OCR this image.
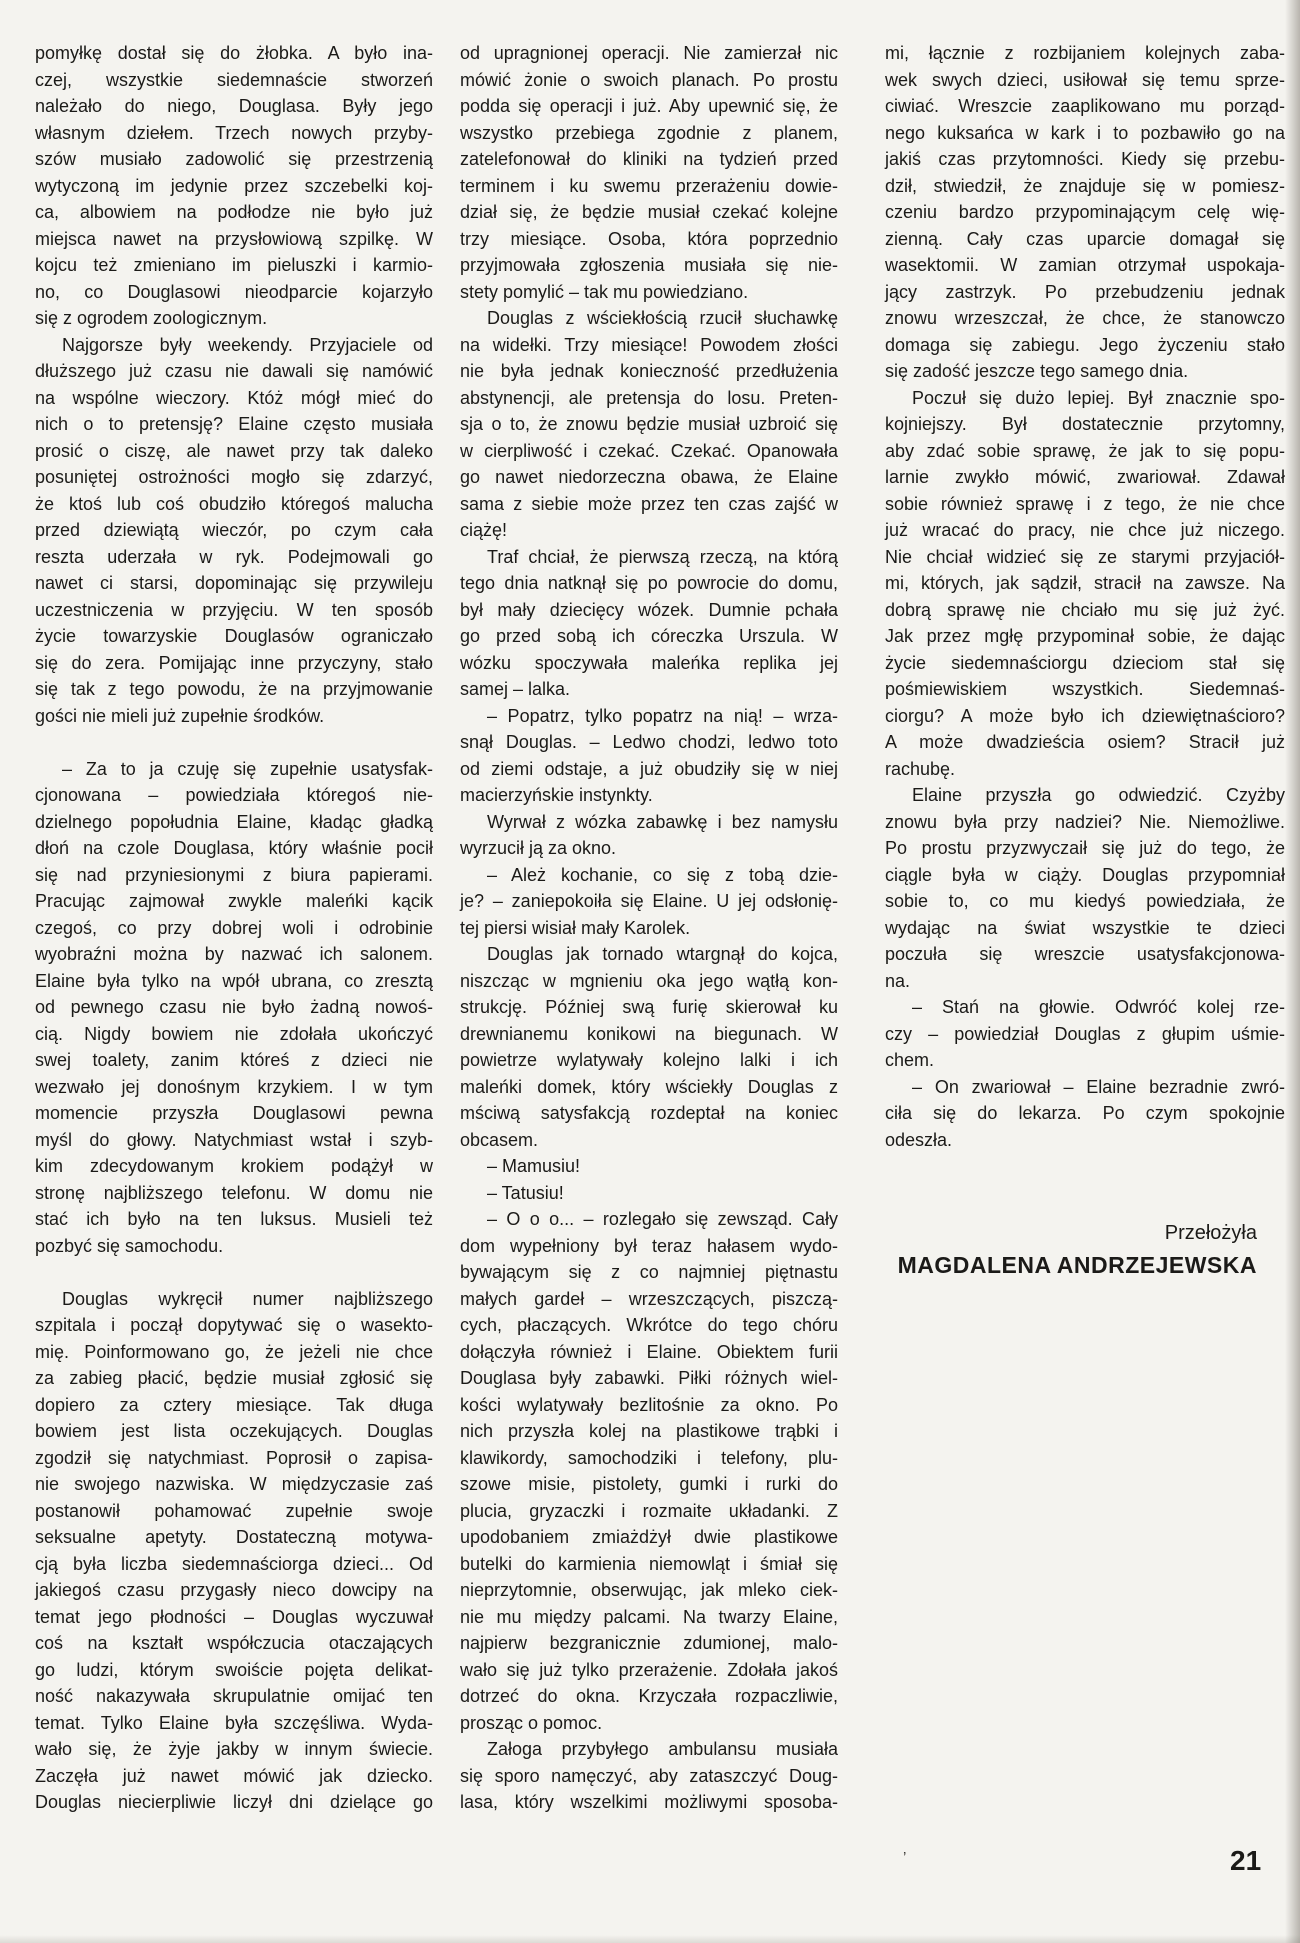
pomyłkę dostał się do żłobka. A było ina-
czej, wszystkie siedemnaście stworzeń
należało do niego, Douglasa. Były jego
własnym dziełem. Trzech nowych przyby-
szów musiało zadowolić się przestrzenią
wytyczoną im jedynie przez szczebelki koj-
ca, albowiem na podłodze nie było już
miejsca nawet na przysłowiową szpilkę. W
kojcu też zmieniano im pieluszki i karmio-
no, co Douglasowi nieodparcie kojarzyło
się z ogrodem zoologicznym.
Najgorsze były weekendy. Przyjaciele od
dłuższego już czasu nie dawali się namówić
na wspólne wieczory. Któż mógł mieć do
nich o to pretensję? Elaine często musiała
prosić o ciszę, ale nawet przy tak daleko
posuniętej ostrożności mogło się zdarzyć,
że ktoś lub coś obudziło któregoś malucha
przed dziewiątą wieczór, po czym cała
reszta uderzała w ryk. Podejmowali go
nawet ci starsi, dopominając się przywileju
uczestniczenia w przyjęciu. W ten sposób
życie towarzyskie Douglasów ograniczało
się do zera. Pomijając inne przyczyny, stało
się tak z tego powodu, że na przyjmowanie
gości nie mieli już zupełnie środków.
– Za to ja czuję się zupełnie usatysfak-
cjonowana – powiedziała któregoś nie-
dzielnego popołudnia Elaine, kładąc gładką
dłoń na czole Douglasa, który właśnie pocił
się nad przyniesionymi z biura papierami.
Pracując zajmował zwykle maleńki kącik
czegoś, co przy dobrej woli i odrobinie
wyobraźni można by nazwać ich salonem.
Elaine była tylko na wpół ubrana, co zresztą
od pewnego czasu nie było żadną nowoś-
cią. Nigdy bowiem nie zdołała ukończyć
swej toalety, zanim któreś z dzieci nie
wezwało jej donośnym krzykiem. I w tym
momencie przyszła Douglasowi pewna
myśl do głowy. Natychmiast wstał i szyb-
kim zdecydowanym krokiem podążył w
stronę najbliższego telefonu. W domu nie
stać ich było na ten luksus. Musieli też
pozbyć się samochodu.
Douglas wykręcił numer najbliższego
szpitala i począł dopytywać się o wasekto-
mię. Poinformowano go, że jeżeli nie chce
za zabieg płacić, będzie musiał zgłosić się
dopiero za cztery miesiące. Tak długa
bowiem jest lista oczekujących. Douglas
zgodził się natychmiast. Poprosił o zapisa-
nie swojego nazwiska. W międzyczasie zaś
postanowił pohamować zupełnie swoje
seksualne apetyty. Dostateczną motywa-
cją była liczba siedemnaściorga dzieci... Od
jakiegoś czasu przygasły nieco dowcipy na
temat jego płodności – Douglas wyczuwał
coś na kształt współczucia otaczających
go ludzi, którym swoiście pojęta delikat-
ność nakazywała skrupulatnie omijać ten
temat. Tylko Elaine była szczęśliwa. Wyda-
wało się, że żyje jakby w innym świecie.
Zaczęła już nawet mówić jak dziecko.
Douglas niecierpliwie liczył dni dzielące go
od upragnionej operacji. Nie zamierzał nic
mówić żonie o swoich planach. Po prostu
podda się operacji i już. Aby upewnić się, że
wszystko przebiega zgodnie z planem,
zatelefonował do kliniki na tydzień przed
terminem i ku swemu przerażeniu dowie-
dział się, że będzie musiał czekać kolejne
trzy miesiące. Osoba, która poprzednio
przyjmowała zgłoszenia musiała się nie-
stety pomylić – tak mu powiedziano.
Douglas z wściekłością rzucił słuchawkę
na widełki. Trzy miesiące! Powodem złości
nie była jednak konieczność przedłużenia
abstynencji, ale pretensja do losu. Preten-
sja o to, że znowu będzie musiał uzbroić się
w cierpliwość i czekać. Czekać. Opanowała
go nawet niedorzeczna obawa, że Elaine
sama z siebie może przez ten czas zajść w
ciążę!
Traf chciał, że pierwszą rzeczą, na którą
tego dnia natknął się po powrocie do domu,
był mały dziecięcy wózek. Dumnie pchała
go przed sobą ich córeczka Urszula. W
wózku spoczywała maleńka replika jej
samej – lalka.
– Popatrz, tylko popatrz na nią! – wrza-
snął Douglas. – Ledwo chodzi, ledwo toto
od ziemi odstaje, a już obudziły się w niej
macierzyńskie instynkty.
Wyrwał z wózka zabawkę i bez namysłu
wyrzucił ją za okno.
– Ależ kochanie, co się z tobą dzie-
je? – zaniepokoiła się Elaine. U jej odsłonię-
tej piersi wisiał mały Karolek.
Douglas jak tornado wtargnął do kojca,
niszcząc w mgnieniu oka jego wątłą kon-
strukcję. Później swą furię skierował ku
drewnianemu konikowi na biegunach. W
powietrze wylatywały kolejno lalki i ich
maleńki domek, który wściekły Douglas z
mściwą satysfakcją rozdeptał na koniec
obcasem.
– Mamusiu!
– Tatusiu!
– O o o... – rozlegało się zewsząd. Cały
dom wypełniony był teraz hałasem wydo-
bywającym się z co najmniej piętnastu
małych gardeł – wrzeszczących, piszczą-
cych, płaczących. Wkrótce do tego chóru
dołączyła również i Elaine. Obiektem furii
Douglasa były zabawki. Piłki różnych wiel-
kości wylatywały bezlitośnie za okno. Po
nich przyszła kolej na plastikowe trąbki i
klawikordy, samochodziki i telefony, plu-
szowe misie, pistolety, gumki i rurki do
plucia, gryzaczki i rozmaite układanki. Z
upodobaniem zmiażdżył dwie plastikowe
butelki do karmienia niemowląt i śmiał się
nieprzytomnie, obserwując, jak mleko ciek-
nie mu między palcami. Na twarzy Elaine,
najpierw bezgranicznie zdumionej, malo-
wało się już tylko przerażenie. Zdołała jakoś
dotrzeć do okna. Krzyczała rozpaczliwie,
prosząc o pomoc.
Załoga przybyłego ambulansu musiała
się sporo namęczyć, aby zataszczyć Doug-
lasa, który wszelkimi możliwymi sposoba-
mi, łącznie z rozbijaniem kolejnych zaba-
wek swych dzieci, usiłował się temu sprze-
ciwiać. Wreszcie zaaplikowano mu porząd-
nego kuksańca w kark i to pozbawiło go na
jakiś czas przytomności. Kiedy się przebu-
dził, stwiedził, że znajduje się w pomiesz-
czeniu bardzo przypominającym celę wię-
zienną. Cały czas uparcie domagał się
wasektomii. W zamian otrzymał uspokaja-
jący zastrzyk. Po przebudzeniu jednak
znowu wrzeszczał, że chce, że stanowczo
domaga się zabiegu. Jego życzeniu stało
się zadość jeszcze tego samego dnia.
Poczuł się dużo lepiej. Był znacznie spo-
kojniejszy. Był dostatecznie przytomny,
aby zdać sobie sprawę, że jak to się popu-
larnie zwykło mówić, zwariował. Zdawał
sobie również sprawę i z tego, że nie chce
już wracać do pracy, nie chce już niczego.
Nie chciał widzieć się ze starymi przyjaciół-
mi, których, jak sądził, stracił na zawsze. Na
dobrą sprawę nie chciało mu się już żyć.
Jak przez mgłę przypominał sobie, że dając
życie siedemnaściorgu dzieciom stał się
pośmiewiskiem wszystkich. Siedemnaś-
ciorgu? A może było ich dziewiętnaścioro?
A może dwadzieścia osiem? Stracił już
rachubę.
Elaine przyszła go odwiedzić. Czyżby
znowu była przy nadziei? Nie. Niemożliwe.
Po prostu przyzwyczaił się już do tego, że
ciągle była w ciąży. Douglas przypomniał
sobie to, co mu kiedyś powiedziała, że
wydając na świat wszystkie te dzieci
poczuła się wreszcie usatysfakcjonowa-
na.
– Stań na głowie. Odwróć kolej rze-
czy – powiedział Douglas z głupim uśmie-
chem.
– On zwariował – Elaine bezradnie zwró-
ciła się do lekarza. Po czym spokojnie
odeszła.
Przełożyła
MAGDALENA ANDRZEJEWSKA
’	21
